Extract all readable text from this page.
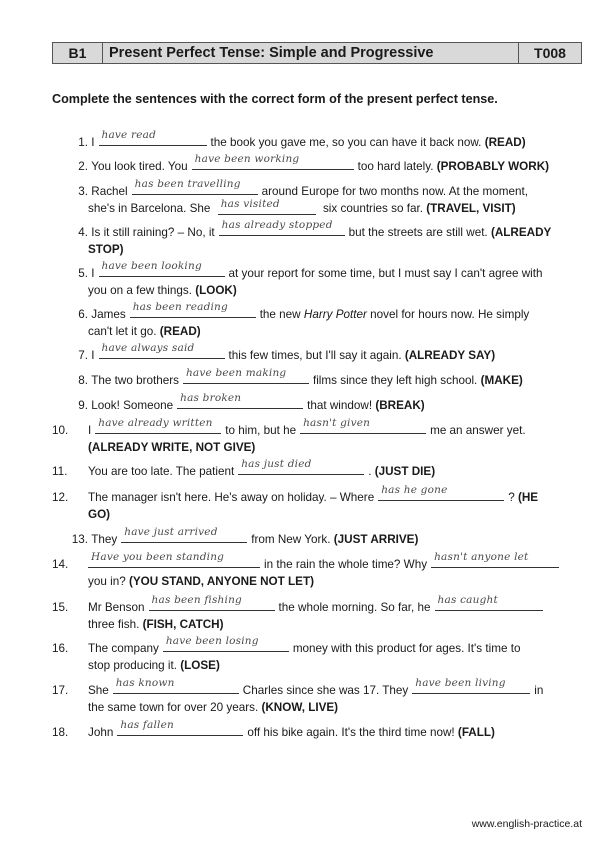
B1	Present Perfect Tense: Simple and Progressive	T008
Complete the sentences with the correct form of the present perfect tense.
1.
I
have read
the book you gave me, so you can have it back now.
(READ)
2.
You look tired. You
have been working
too hard lately.
(PROBABLY WORK)
3.
Rachel
has been travelling
around Europe for two months now. At the moment,
she's in Barcelona. She has visited	six countries so far. (TRAVEL, VISIT)
4.
Is it still raining? – No, it
has already stopped
but the streets are still wet.
(ALREADY
STOP)
5.
I
have been looking
at your report for some time, but I must say I can't agree with
you on a few things. (LOOK)
6.
James
has been reading
the new
Harry Potter
novel for hours now. He simply
can't let it go. (READ)
7.
I
have always said
this few times, but I'll say it again.
(ALREADY SAY)
8.
The two brothers
have been making
films since they left high school.
(MAKE)
9.
Look! Someone
has broken
that window!
(BREAK)
10.	I
have already written
to him, but he
hasn't given
me an answer yet.
(ALREADY WRITE, NOT GIVE)
11.	You are too late. The patient
has just died
.
(JUST DIE)
12.	The manager isn't here. He's away on holiday. – Where
has he gone
?
(HE
GO)
13.
They
have just arrived
from New York.
(JUST ARRIVE)
14.
Have you been standing
in the rain the whole time? Why
hasn't anyone let
you in? (YOU STAND, ANYONE NOT LET)
15.	Mr Benson
has been fishing
the whole morning. So far, he
has caught
three fish. (FISH, CATCH)
16.	The company
have been losing
money with this product for ages. It's time to
stop producing it. (LOSE)
17.	She
has known
Charles since she was 17. They
have been living
in
the same town for over 20 years. (KNOW, LIVE)
18.	John
has fallen
off his bike again. It's the third time now!
(FALL)
www.english-practice.at
